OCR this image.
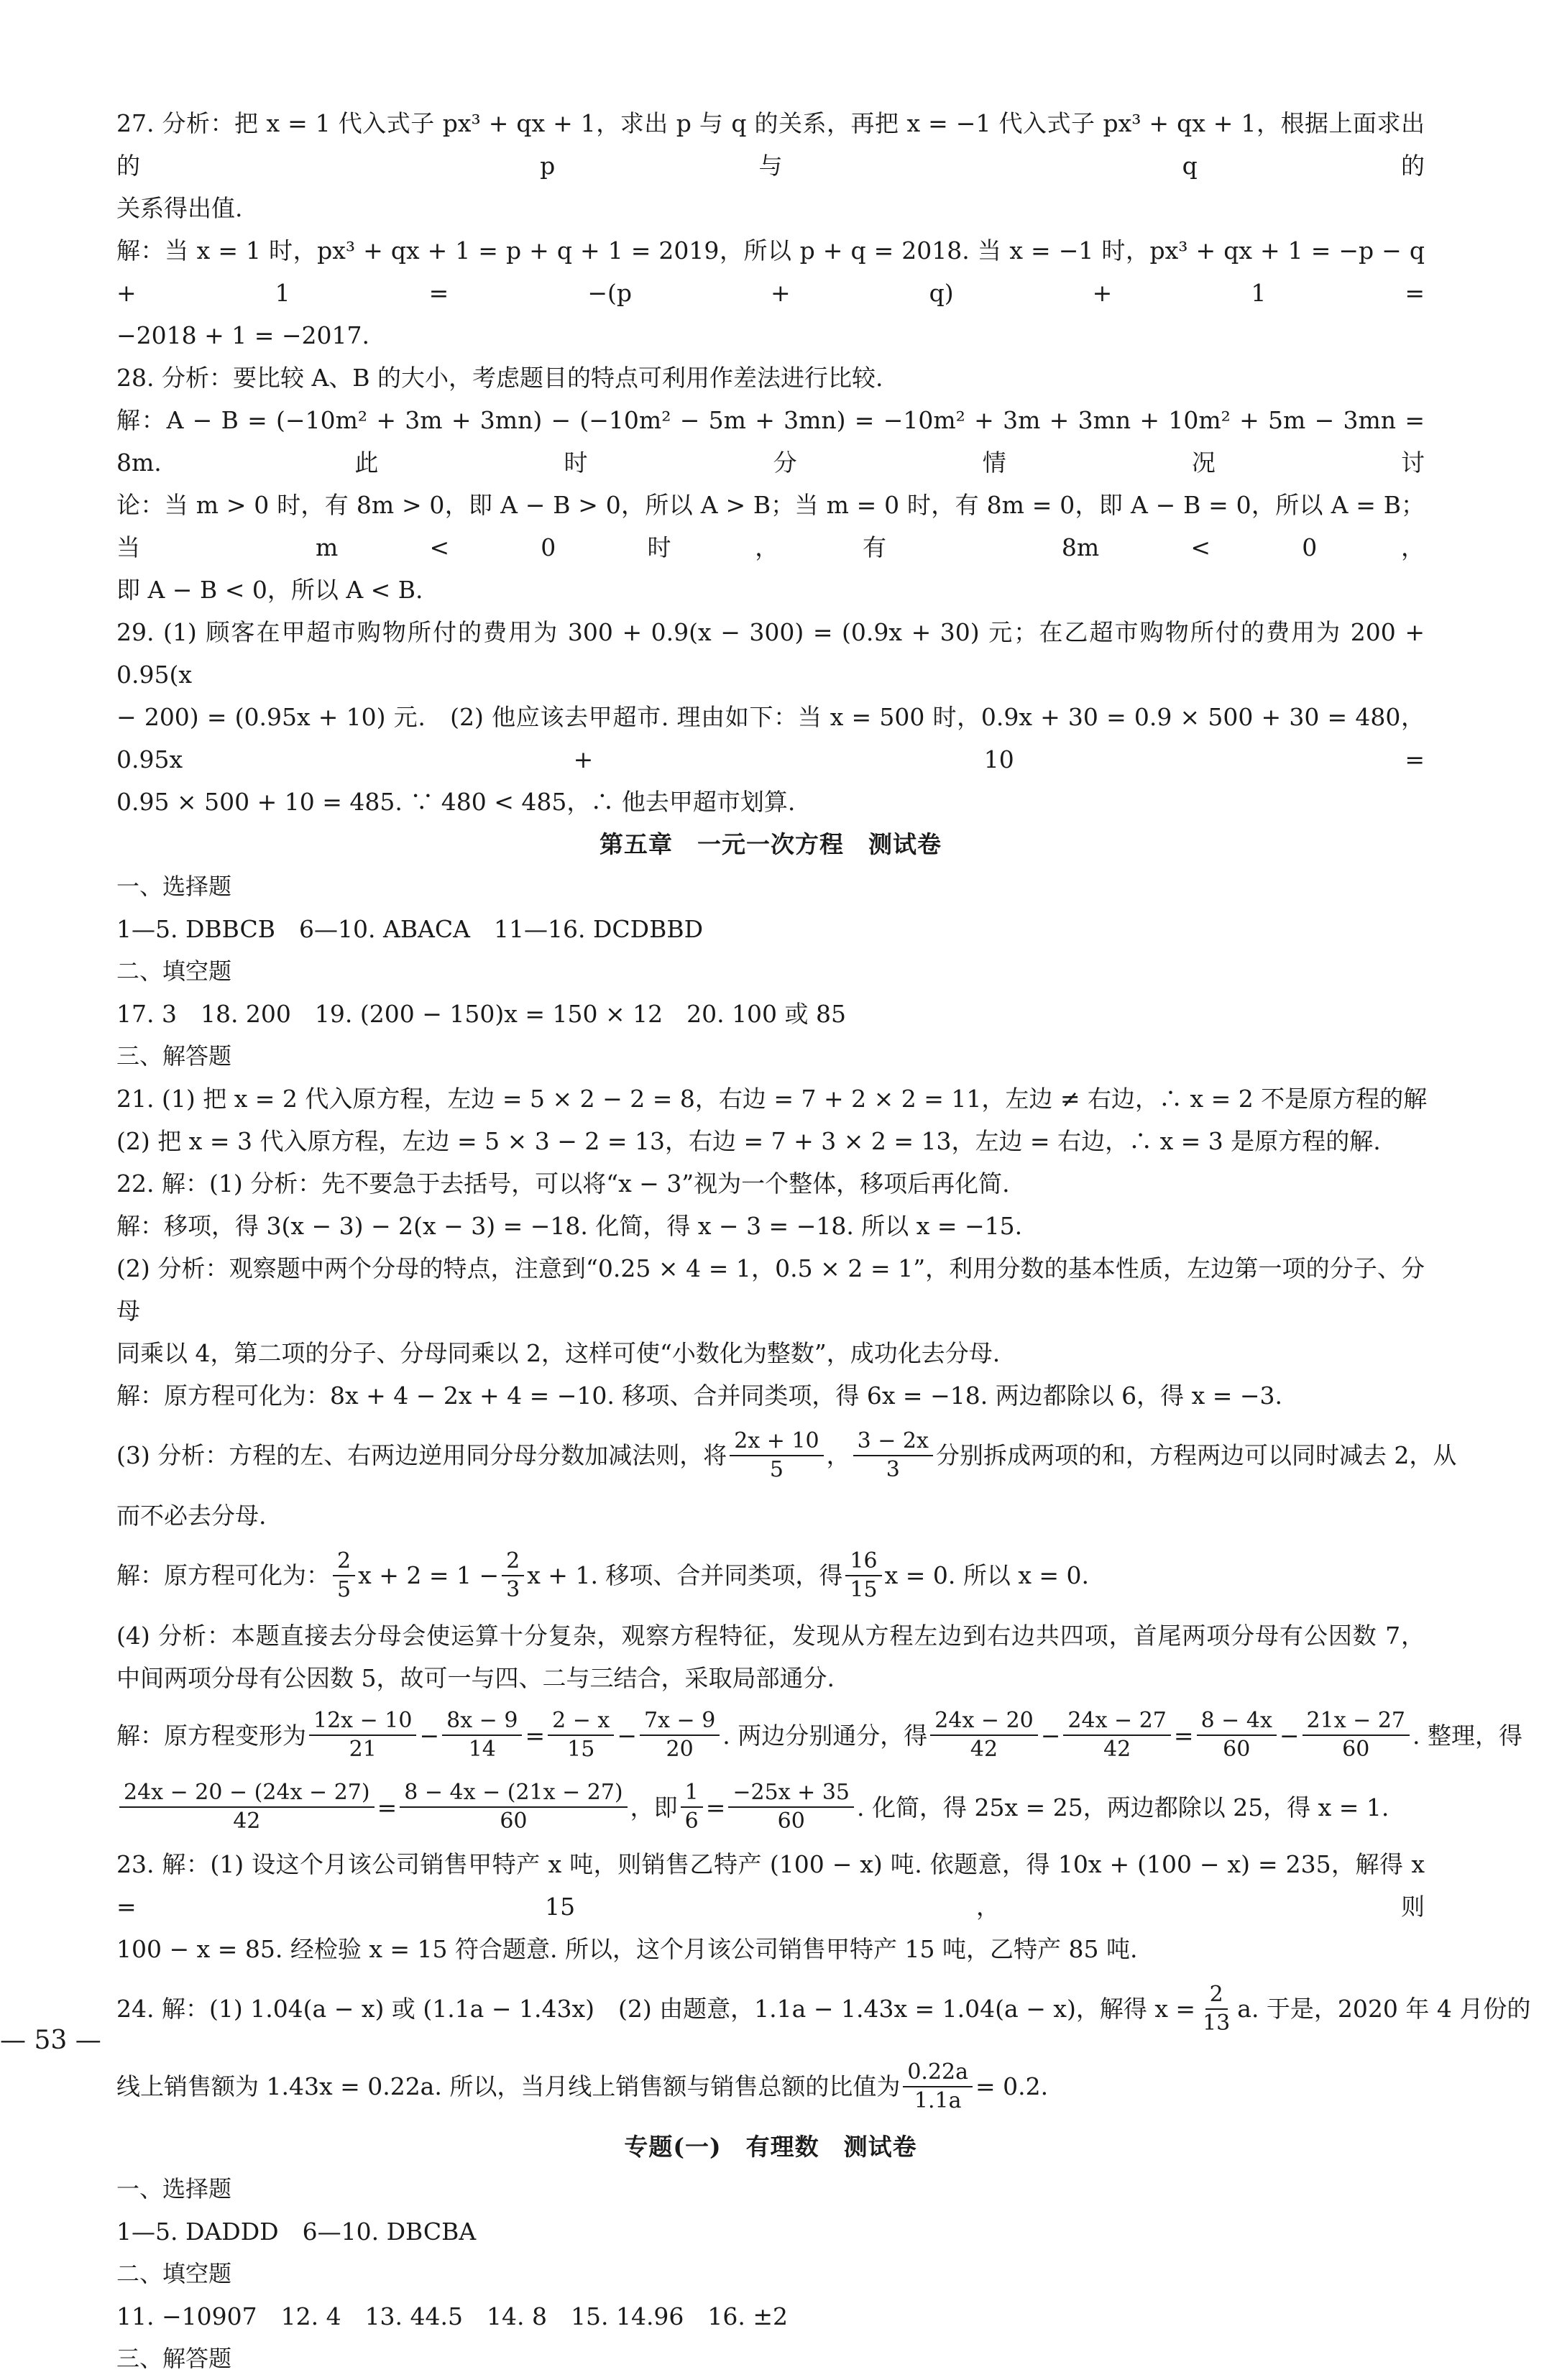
27. 分析：把 x = 1 代入式子 px³ + qx + 1，求出 p 与 q 的关系，再把 x = −1 代入式子 px³ + qx + 1，根据上面求出的 p 与 q 的
关系得出值.
解：当 x = 1 时，px³ + qx + 1 = p + q + 1 = 2019，所以 p + q = 2018. 当 x = −1 时，px³ + qx + 1 = −p − q + 1 = −(p + q) + 1 =
−2018 + 1 = −2017.
28. 分析：要比较 A、B 的大小，考虑题目的特点可利用作差法进行比较.
解：A − B = (−10m² + 3m + 3mn) − (−10m² − 5m + 3mn) = −10m² + 3m + 3mn + 10m² + 5m − 3mn = 8m. 此时分情况讨
论：当 m > 0 时，有 8m > 0，即 A − B > 0，所以 A > B；当 m = 0 时，有 8m = 0，即 A − B = 0，所以 A = B；当 m < 0 时，有 8m < 0，
即 A − B < 0，所以 A < B.
29. (1) 顾客在甲超市购物所付的费用为 300 + 0.9(x − 300) = (0.9x + 30) 元；在乙超市购物所付的费用为 200 + 0.95(x
− 200) = (0.95x + 10) 元.　(2) 他应该去甲超市. 理由如下：当 x = 500 时，0.9x + 30 = 0.9 × 500 + 30 = 480，0.95x + 10 =
0.95 × 500 + 10 = 485. ∵ 480 < 485，∴ 他去甲超市划算.
第五章　一元一次方程　测试卷
一、选择题
1—5. DBBCB　6—10. ABACA　11—16. DCDBBD
二、填空题
17. 3　18. 200　19. (200 − 150)x = 150 × 12　20. 100 或 85
三、解答题
21. (1) 把 x = 2 代入原方程，左边 = 5 × 2 − 2 = 8，右边 = 7 + 2 × 2 = 11，左边 ≠ 右边，∴ x = 2 不是原方程的解
(2) 把 x = 3 代入原方程，左边 = 5 × 3 − 2 = 13，右边 = 7 + 3 × 2 = 13，左边 = 右边，∴ x = 3 是原方程的解.
22. 解：(1) 分析：先不要急于去括号，可以将“x − 3”视为一个整体，移项后再化简.
解：移项，得 3(x − 3) − 2(x − 3) = −18. 化简，得 x − 3 = −18. 所以 x = −15.
(2) 分析：观察题中两个分母的特点，注意到“0.25 × 4 = 1，0.5 × 2 = 1”，利用分数的基本性质，左边第一项的分子、分母
同乘以 4，第二项的分子、分母同乘以 2，这样可使“小数化为整数”，成功化去分母.
解：原方程可化为：8x + 4 − 2x + 4 = −10. 移项、合并同类项，得 6x = −18. 两边都除以 6，得 x = −3.
(3) 分析：方程的左、右两边逆用同分母分数加减法则，将 $\frac{2x + 10}{5}$ ， $\frac{3 - 2x}{3}$ 分别拆成两项的和，方程两边可以同时减去 2，从
而不必去分母.
解：原方程可化为： $\frac{2}{5}$ $x + 2 = 1 - \frac{2}{3}$ x + 1. 移项、合并同类项，得 $\frac{16}{15}$ x = 0. 所以 x = 0.
(4) 分析：本题直接去分母会使运算十分复杂，观察方程特征，发现从方程左边到右边共四项，首尾两项分母有公因数 7，
中间两项分母有公因数 5，故可一与四、二与三结合，采取局部通分.
解：原方程变形为 $\frac{12x - 10}{21} - \frac{8x - 9}{14} = \frac{2 - x}{15} - \frac{7x - 9}{20}$ . 两边分别通分，得 $\frac{24x - 20}{42} - \frac{24x - 27}{42} = \frac{8 - 4x}{60} - \frac{21x - 27}{60}$ . 整理，得
$\frac{24x - 20 - (24x - 27)}{42} = \frac{8 - 4x - (21x - 27)}{60}$ ，即 $\frac{1}{6} = \frac{-25x + 35}{60}$ . 化简，得 25x = 25，两边都除以 25，得 x = 1.
23. 解：(1) 设这个月该公司销售甲特产 x 吨，则销售乙特产 (100 − x) 吨. 依题意，得 10x + (100 − x) = 235，解得 x = 15，则
100 − x = 85. 经检验 x = 15 符合题意. 所以，这个月该公司销售甲特产 15 吨，乙特产 85 吨.
24. 解：(1) 1.04(a − x) 或 (1.1a − 1.43x)　(2) 由题意，1.1a − 1.43x = 1.04(a − x)，解得 $x = \frac{2}{13} a$. 于是，2020 年 4 月份的
线上销售额为 1.43x = 0.22a. 所以，当月线上销售额与销售总额的比值为 $\frac{0.22a}{1.1a} = 0.2$.
专题(一)　有理数　测试卷
一、选择题
1—5. DADDD　6—10. DBCBA
二、填空题
11. −10907　12. 4　13. 44.5　14. 8　15. 14.96　16. ±2
三、解答题
— 53 —
